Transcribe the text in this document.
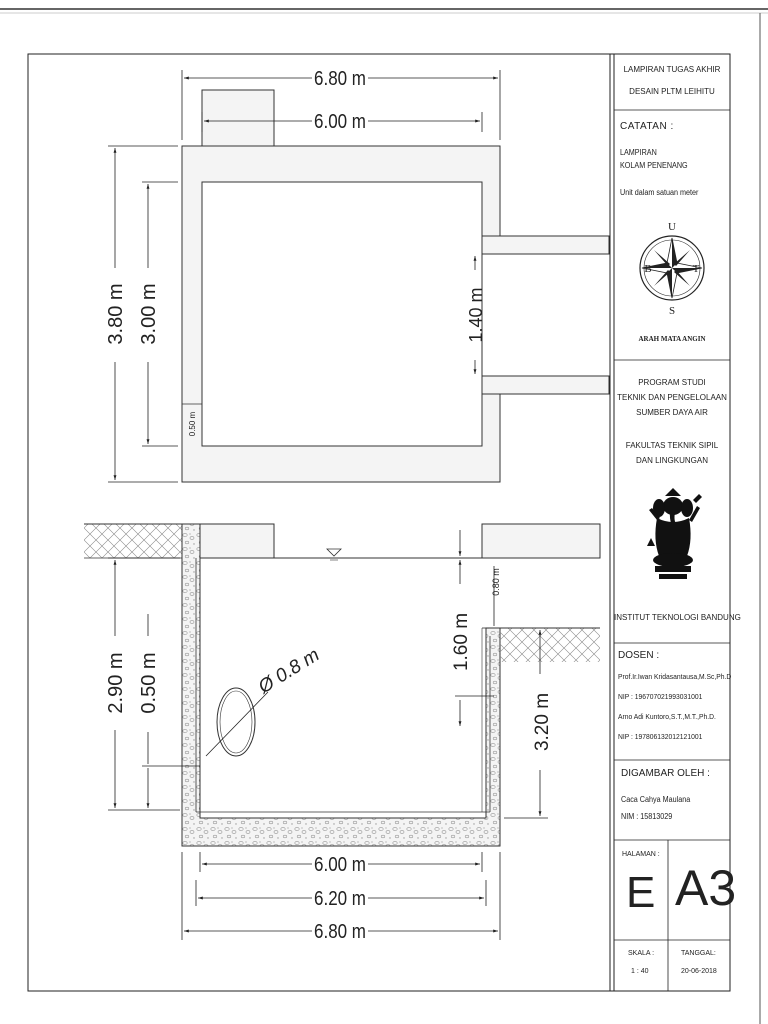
6.80 m
6.00 m
3.80 m 3.00 m	1.40 m
0.50 m
Ø 0.8 m
2.90 m 0.50 m
1.60 m
0.80 m
3.20 m
6.00 m
6.20 m
6.80 m
U
S
B	T
ARAH MATA ANGIN
LAMPIRAN TUGAS AKHIR
DESAIN PLTM LEIHITU
CATATAN :
LAMPIRAN
KOLAM PENENANG
Unit dalam satuan meter
PROGRAM STUDI
TEKNIK DAN PENGELOLAAN
SUMBER DAYA AIR
FAKULTAS TEKNIK SIPIL
DAN LINGKUNGAN
INSTITUT TEKNOLOGI BANDUNG
DOSEN :
Prof.Ir.Iwan Kridasantausa,M.Sc,Ph.D
NIP : 196707021993031001
Arno Adi Kuntoro,S.T.,M.T.,Ph.D.
NIP : 197806132012121001
DIGAMBAR OLEH :
Caca Cahya Maulana
NIM : 15813029
HALAMAN :
E A3
SKALA :
1 : 40
TANGGAL:
20-06-2018
